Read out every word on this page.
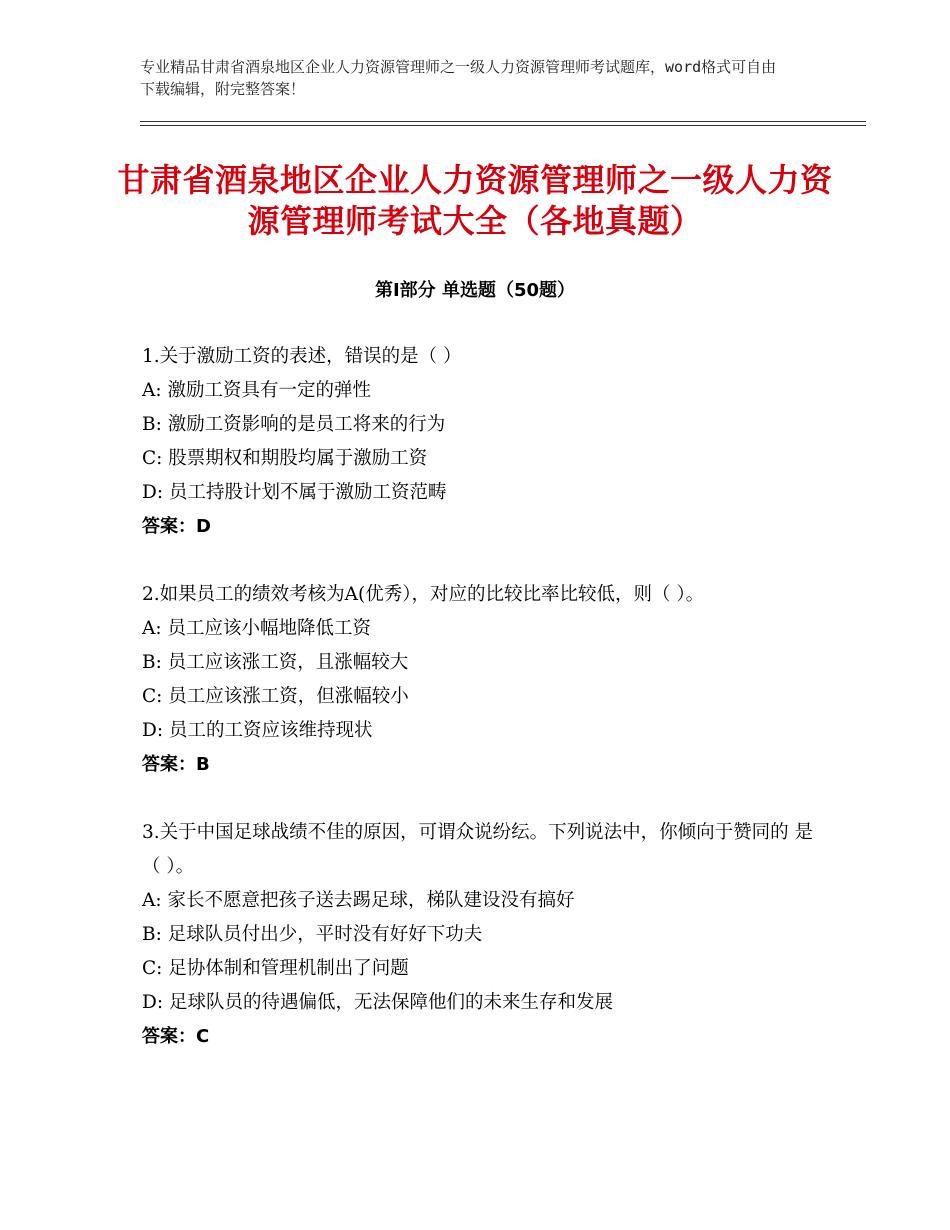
专业精品甘肃省酒泉地区企业人力资源管理师之一级人力资源管理师考试题库，word格式可自由下载编辑，附完整答案！
甘肃省酒泉地区企业人力资源管理师之一级人力资源管理师考试大全（各地真题）
第Ⅰ部分 单选题（50题）
1.关于激励工资的表述，错误的是（ ）
A: 激励工资具有一定的弹性
B: 激励工资影响的是员工将来的行为
C: 股票期权和期股均属于激励工资
D: 员工持股计划不属于激励工资范畴
答案：D
2.如果员工的绩效考核为A(优秀），对应的比较比率比较低，则（ ）。
A: 员工应该小幅地降低工资
B: 员工应该涨工资，且涨幅较大
C: 员工应该涨工资，但涨幅较小
D: 员工的工资应该维持现状
答案：B
3.关于中国足球战绩不佳的原因，可谓众说纷纭。下列说法中，你倾向于赞同的 是（ ）。
A: 家长不愿意把孩子送去踢足球，梯队建设没有搞好
B: 足球队员付出少，平时没有好好下功夫
C: 足协体制和管理机制出了问题
D: 足球队员的待遇偏低，无法保障他们的未来生存和发展
答案：C
